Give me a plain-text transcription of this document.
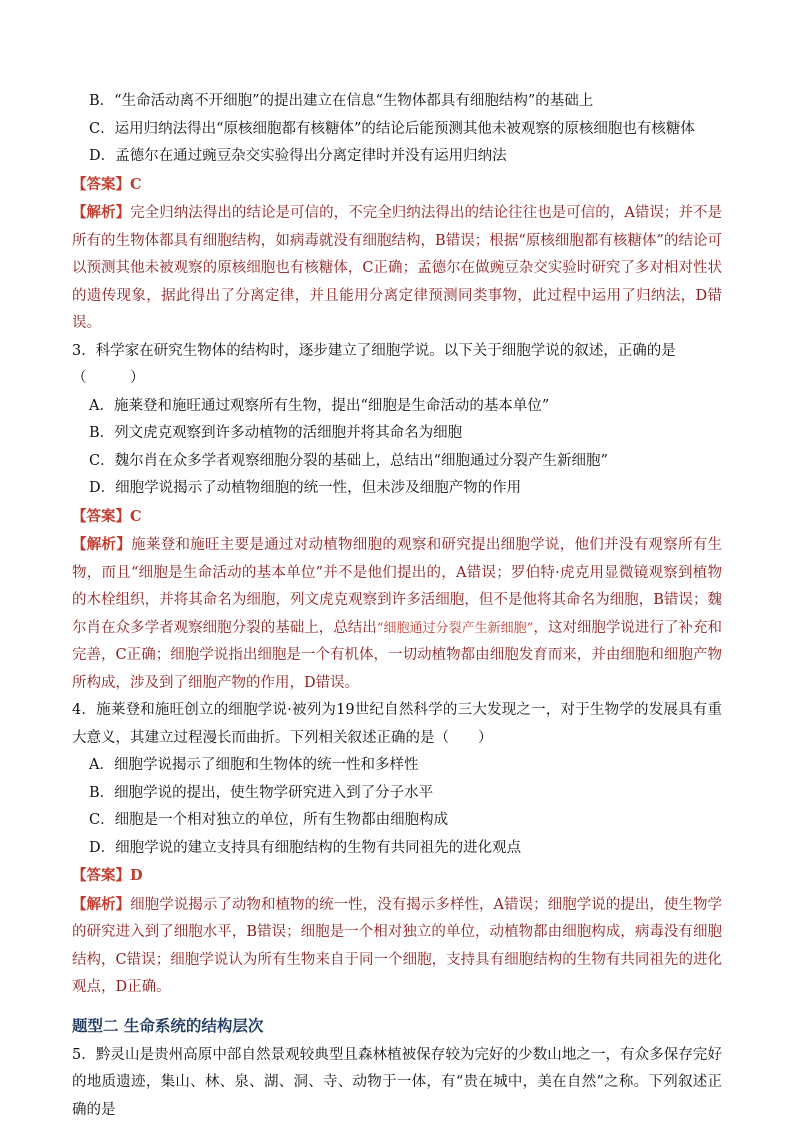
B．“生命活动离不开细胞”的提出建立在信息“生物体都具有细胞结构”的基础上
C．运用归纳法得出“原核细胞都有核糖体”的结论后能预测其他未被观察的原核细胞也有核糖体
D．孟德尔在通过豌豆杂交实验得出分离定律时并没有运用归纳法
【答案】C
【解析】完全归纳法得出的结论是可信的，不完全归纳法得出的结论往往也是可信的，A错误；并不是所有的生物体都具有细胞结构，如病毒就没有细胞结构，B错误；根据“原核细胞都有核糖体”的结论可以预测其他未被观察的原核细胞也有核糖体，C正确；孟德尔在做豌豆杂交实验时研究了多对相对性状的遗传现象，据此得出了分离定律，并且能用分离定律预测同类事物，此过程中运用了归纳法，D错误。
3．科学家在研究生物体的结构时，逐步建立了细胞学说。以下关于细胞学说的叙述，正确的是
（　　　）
A．施莱登和施旺通过观察所有生物，提出“细胞是生命活动的基本单位”
B．列文虎克观察到许多动植物的活细胞并将其命名为细胞
C．魏尔肖在众多学者观察细胞分裂的基础上，总结出“细胞通过分裂产生新细胞”
D．细胞学说揭示了动植物细胞的统一性，但未涉及细胞产物的作用
【答案】C
【解析】施莱登和施旺主要是通过对动植物细胞的观察和研究提出细胞学说，他们并没有观察所有生物，而且“细胞是生命活动的基本单位”并不是他们提出的，A错误；罗伯特·虎克用显微镜观察到植物的木栓组织，并将其命名为细胞，列文虎克观察到许多活细胞，但不是他将其命名为细胞，B错误；魏尔肖在众多学者观察细胞分裂的基础上，总结出“细胞通过分裂产生新细胞”，这对细胞学说进行了补充和完善，C正确；细胞学说指出细胞是一个有机体，一切动植物都由细胞发育而来，并由细胞和细胞产物所构成，涉及到了细胞产物的作用，D错误。
4．施莱登和施旺创立的细胞学说·被列为19世纪自然科学的三大发现之一，对于生物学的发展具有重大意义，其建立过程漫长而曲折。下列相关叙述正确的是（　　）
A．细胞学说揭示了细胞和生物体的统一性和多样性
B．细胞学说的提出，使生物学研究进入到了分子水平
C．细胞是一个相对独立的单位，所有生物都由细胞构成
D．细胞学说的建立支持具有细胞结构的生物有共同祖先的进化观点
【答案】D
【解析】细胞学说揭示了动物和植物的统一性，没有揭示多样性，A错误；细胞学说的提出，使生物学的研究进入到了细胞水平，B错误；细胞是一个相对独立的单位，动植物都由细胞构成，病毒没有细胞结构，C错误；细胞学说认为所有生物来自于同一个细胞，支持具有细胞结构的生物有共同祖先的进化观点，D正确。
题型二 生命系统的结构层次
5．黔灵山是贵州高原中部自然景观较典型且森林植被保存较为完好的少数山地之一，有众多保存完好的地质遗迹，集山、林、泉、湖、洞、寺、动物于一体，有“贵在城中，美在自然”之称。下列叙述正确的是
